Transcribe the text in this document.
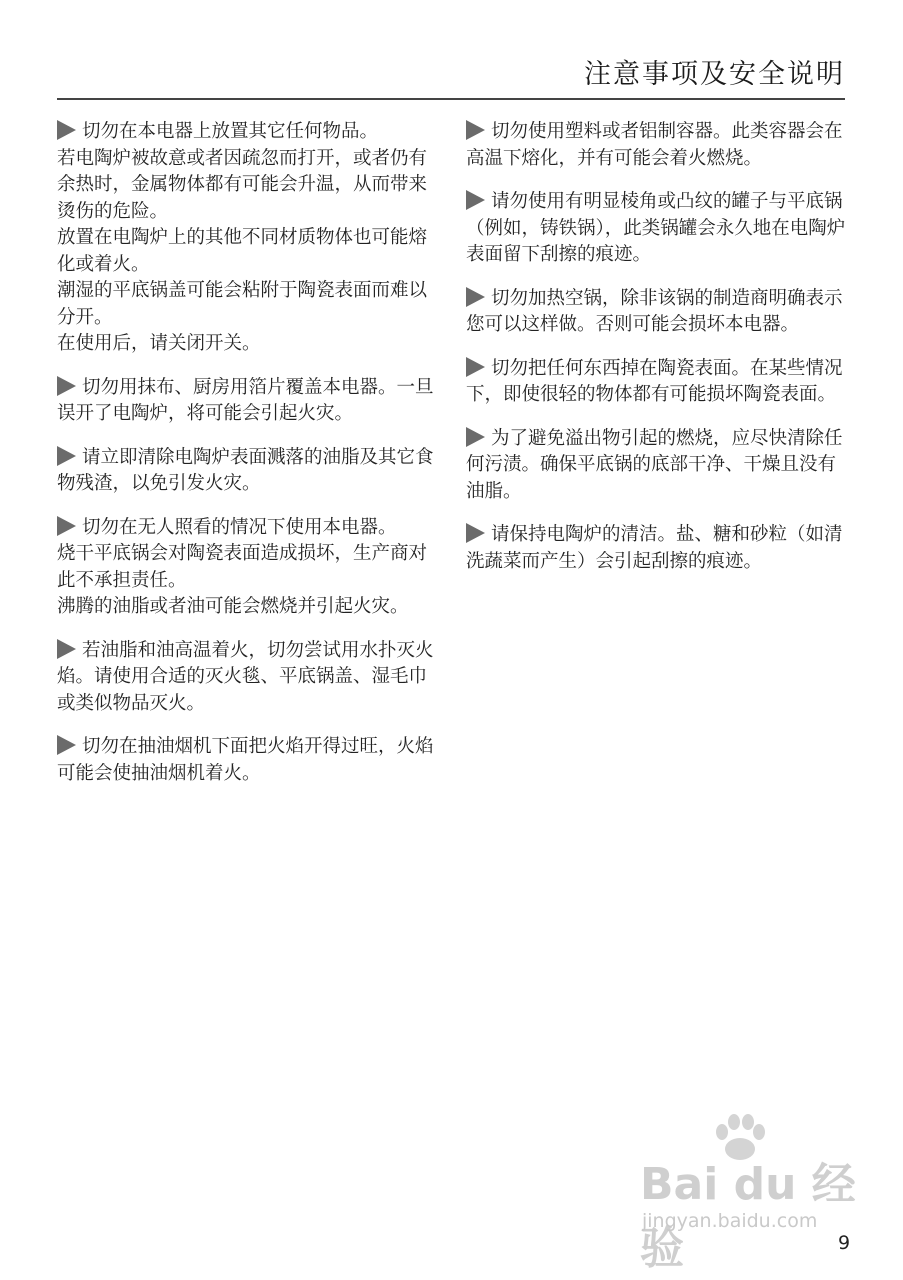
注意事项及安全说明
切勿在本电器上放置其它任何物品。
若电陶炉被故意或者因疏忽而打开，或者仍有余热时，金属物体都有可能会升温，从而带来烫伤的危险。
放置在电陶炉上的其他不同材质物体也可能熔化或着火。
潮湿的平底锅盖可能会粘附于陶瓷表面而难以分开。
在使用后，请关闭开关。
切勿用抹布、厨房用箔片覆盖本电器。一旦误开了电陶炉，将可能会引起火灾。
请立即清除电陶炉表面溅落的油脂及其它食物残渣，以免引发火灾。
切勿在无人照看的情况下使用本电器。
烧干平底锅会对陶瓷表面造成损坏，生产商对此不承担责任。
沸腾的油脂或者油可能会燃烧并引起火灾。
若油脂和油高温着火，切勿尝试用水扑灭火焰。请使用合适的灭火毯、平底锅盖、湿毛巾或类似物品灭火。
切勿在抽油烟机下面把火焰开得过旺，火焰可能会使抽油烟机着火。
切勿使用塑料或者铝制容器。此类容器会在高温下熔化，并有可能会着火燃烧。
请勿使用有明显棱角或凸纹的罐子与平底锅（例如，铸铁锅），此类锅罐会永久地在电陶炉表面留下刮擦的痕迹。
切勿加热空锅，除非该锅的制造商明确表示您可以这样做。否则可能会损坏本电器。
切勿把任何东西掉在陶瓷表面。在某些情况下，即使很轻的物体都有可能损坏陶瓷表面。
为了避免溢出物引起的燃烧，应尽快清除任何污渍。确保平底锅的底部干净、干燥且没有油脂。
请保持电陶炉的清洁。盐、糖和砂粒（如清洗蔬菜而产生）会引起刮擦的痕迹。
Bai du 经验
jingyan.baidu.com
9
